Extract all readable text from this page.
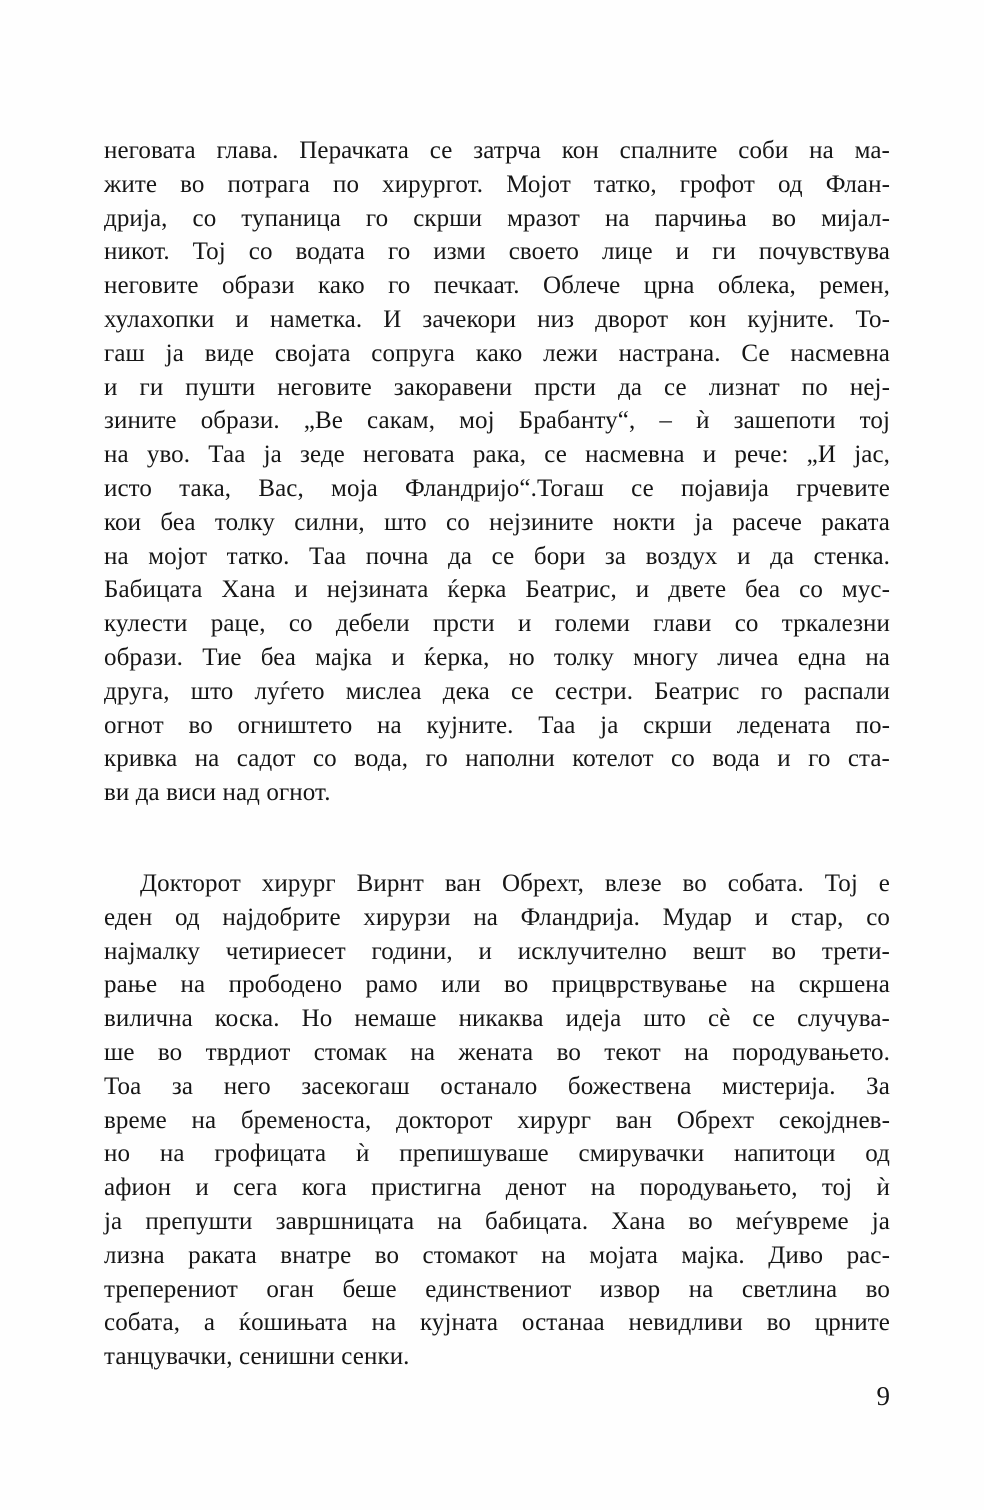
неговата глава. Перачката се затрча кон спалните соби на ма-
жите во потрага по хирургот. Мојот татко, грофот од Флан-
дрија, со тупаница го скрши мразот на парчиња во мијал-
никот. Тој со водата го изми своето лице и ги почувствува
неговите образи како го печкаат. Облече црна облека, ремен,
хулахопки и наметка. И зачекори низ дворот кон кујните. То-
гаш ја виде својата сопруга како лежи настрана. Се насмевна
и ги пушти неговите закоравени прсти да се лизнат по неј-
зините образи. „Ве сакам, мој Брабанту“, – ѝ зашепоти тој
на уво. Таа ја зеде неговата рака, се насмевна и рече: „И јас,
исто така, Вас, моја Фландријо“.Тогаш се појавија грчевите
кои беа толку силни, што со нејзините нокти ја расече раката
на мојот татко. Таа почна да се бори за воздух и да стенка.
Бабицата Хана и нејзината ќерка Беатрис, и двете беа со мус-
кулести раце, со дебели прсти и големи глави со тркалезни
образи. Тие беа мајка и ќерка, но толку многу личеа една на
друга, што луѓето мислеа дека се сестри. Беатрис го распали
огнот во огништето на кујните. Таа ја скрши ледената по-
кривка на садот со вода, го наполни котелот со вода и го ста-
ви да виси над огнот.
Докторот хирург Вирнт ван Обрехт, влезе во собата. Тој е
еден од најдобрите хирурзи на Фландрија. Мудар и стар, со
најмалку четириесет години, и исклучително вешт во трети-
рање на прободено рамо или во прицврствување на скршена
вилична коска. Но немаше никаква идеја што сѐ се случува-
ше во тврдиот стомак на жената во текот на породувањето.
Тоа за него засекогаш останало божествена мистерија. За
време на бременоста, докторот хирург ван Обрехт секојднев-
но на грофицата ѝ препишуваше смирувачки напитоци од
афион и сега кога пристигна денот на породувањето, тој ѝ
ја препушти завршницата на бабицата. Хана во меѓувреме ја
лизна раката внатре во стомакот на мојата мајка. Диво рас-
треперениот оган беше единствениот извор на светлина во
собата, а ќошињата на кујната останаа невидливи во црните
танцувачки, сенишни сенки.
9
